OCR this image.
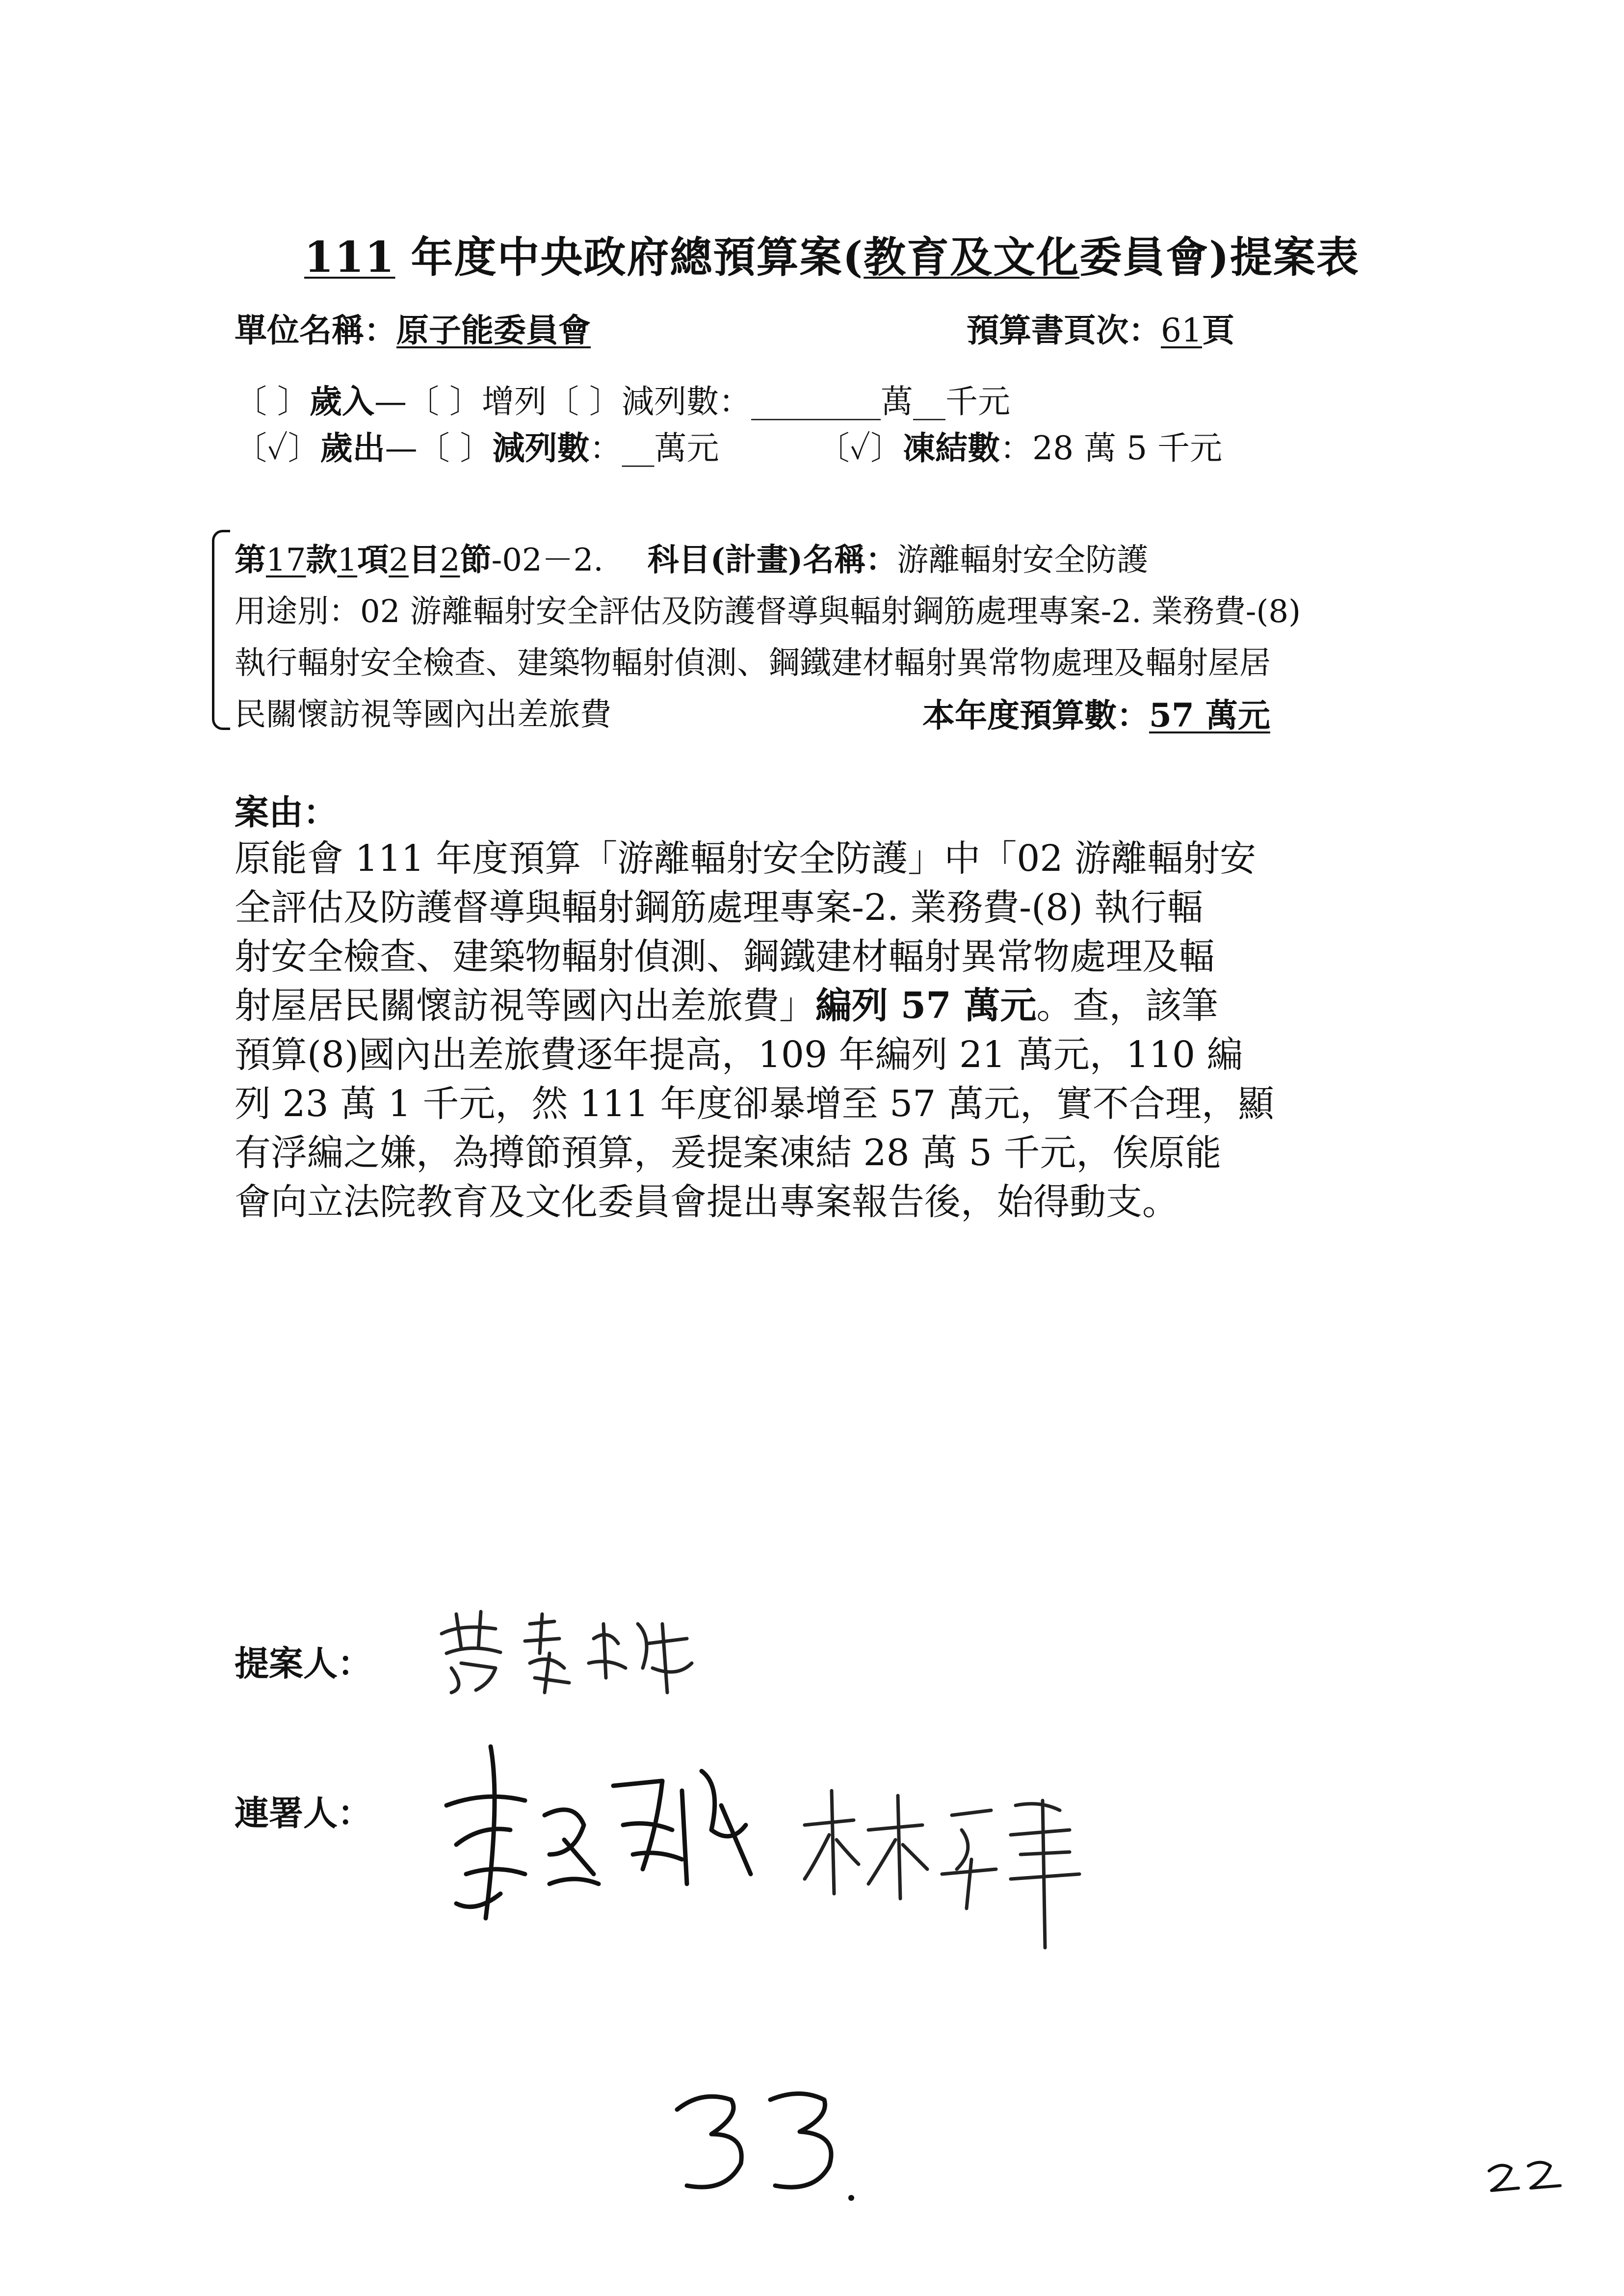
111 年度中央政府總預算案(教育及文化委員會)提案表
單位名稱：原子能委員會	預算書頁次：61頁
〔 〕歲入—〔 〕增列〔 〕減列數：________萬__千元
〔✓〕歲出—〔 〕減列數：__萬元	〔✓〕凍結數：28 萬 5 千元
第17款1項2目2節-02－2. 科目(計畫)名稱：游離輻射安全防護
用途別：02 游離輻射安全評估及防護督導與輻射鋼筋處理專案-2. 業務費-(8)
執行輻射安全檢查、建築物輻射偵測、鋼鐵建材輻射異常物處理及輻射屋居
民關懷訪視等國內出差旅費	本年度預算數：57 萬元
案由：
原能會 111 年度預算「游離輻射安全防護」中「02 游離輻射安
全評估及防護督導與輻射鋼筋處理專案-2. 業務費-(8) 執行輻
射安全檢查、建築物輻射偵測、鋼鐵建材輻射異常物處理及輻
射屋居民關懷訪視等國內出差旅費」編列 57 萬元。查，該筆
預算(8)國內出差旅費逐年提高，109 年編列 21 萬元，110 編
列 23 萬 1 千元，然 111 年度卻暴增至 57 萬元，實不合理，顯
有浮編之嫌，為撙節預算，爰提案凍結 28 萬 5 千元，俟原能
會向立法院教育及文化委員會提出專案報告後，始得動支。
提案人：
連署人：
